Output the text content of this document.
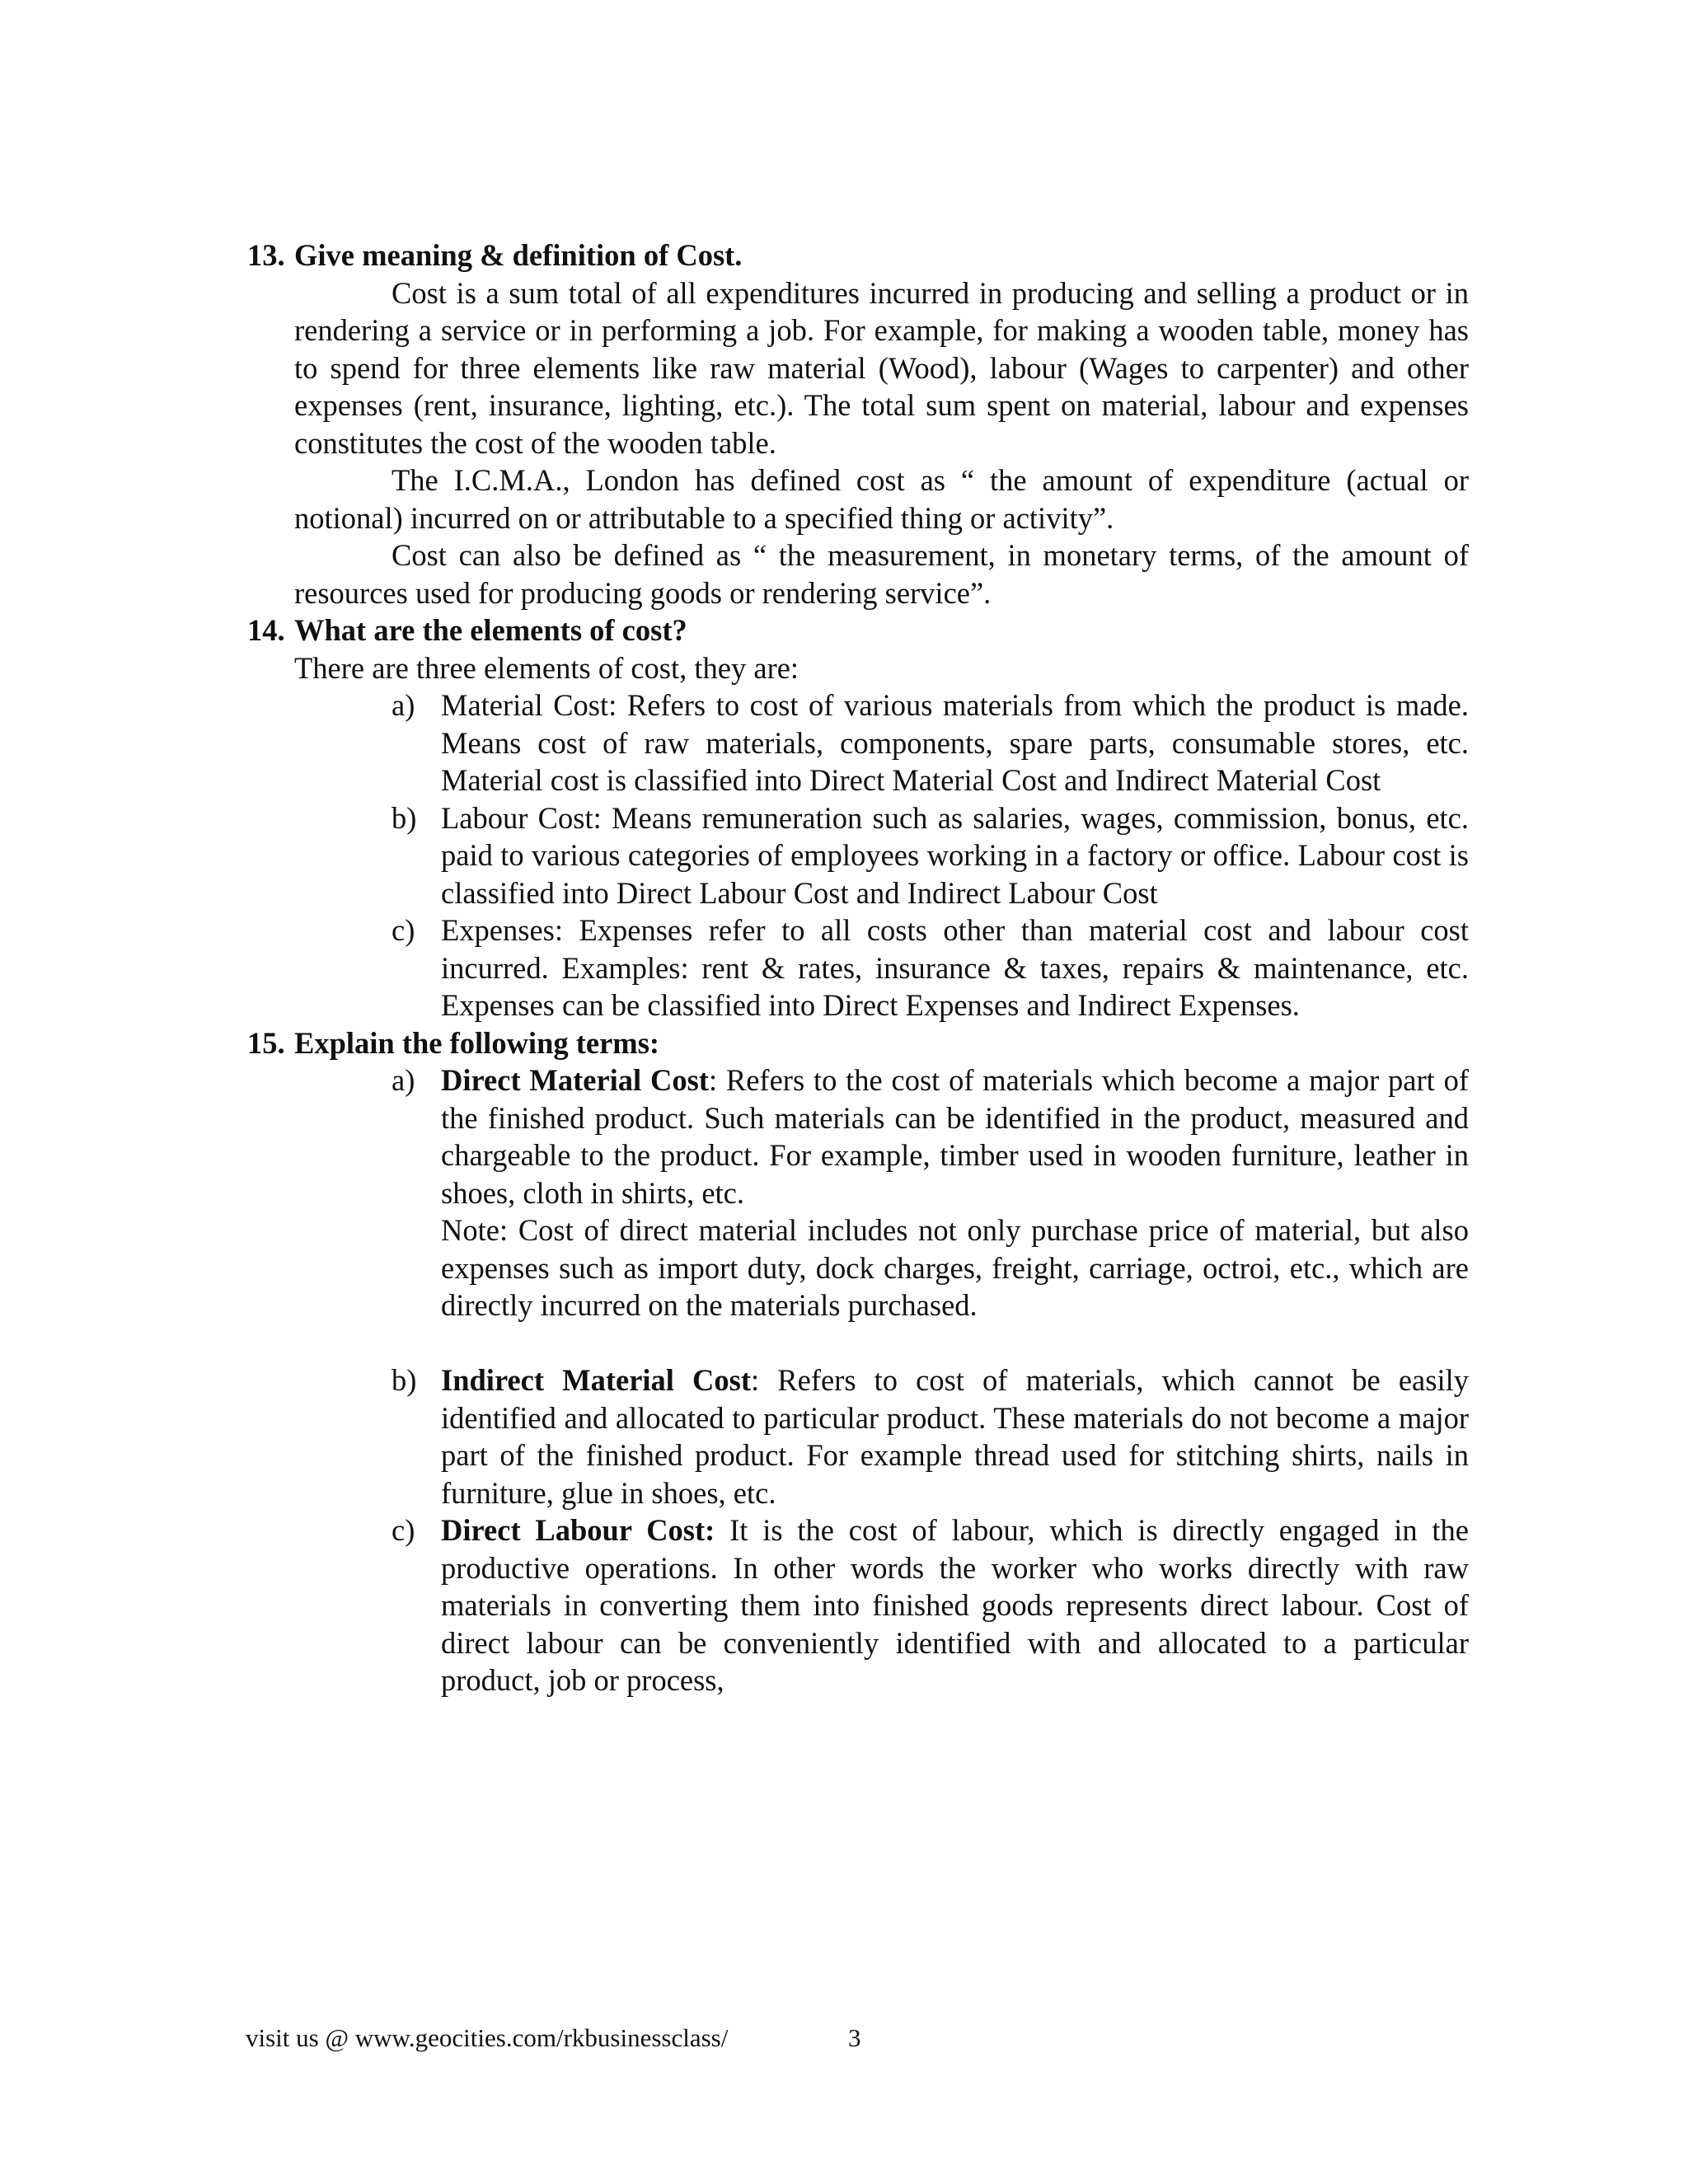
13. Give meaning & definition of Cost.

Cost is a sum total of all expenditures incurred in producing and selling a product or in rendering a service or in performing a job. For example, for making a wooden table, money has to spend for three elements like raw material (Wood), labour (Wages to carpenter) and other expenses (rent, insurance, lighting, etc.). The total sum spent on material, labour and expenses constitutes the cost of the wooden table.

The I.C.M.A., London has defined cost as “ the amount of expenditure (actual or notional) incurred on or attributable to a specified thing or activity”.

Cost can also be defined as “ the measurement, in monetary terms, of the amount of resources used for producing goods or rendering service”.

14. What are the elements of cost?

There are three elements of cost, they are:

a) Material Cost: Refers to cost of various materials from which the product is made. Means cost of raw materials, components, spare parts, consumable stores, etc. Material cost is classified into Direct Material Cost and Indirect Material Cost
b) Labour Cost: Means remuneration such as salaries, wages, commission, bonus, etc. paid to various categories of employees working in a factory or office. Labour cost is classified into Direct Labour Cost and Indirect Labour Cost
c) Expenses: Expenses refer to all costs other than material cost and labour cost incurred. Examples: rent & rates, insurance & taxes, repairs & maintenance, etc. Expenses can be classified into Direct Expenses and Indirect Expenses.
15. Explain the following terms:
a) Direct Material Cost: Refers to the cost of materials which become a major part of the finished product. Such materials can be identified in the product, measured and chargeable to the product. For example, timber used in wooden furniture, leather in shoes, cloth in shirts, etc.
Note: Cost of direct material includes not only purchase price of material, but also expenses such as import duty, dock charges, freight, carriage, octroi, etc., which are directly incurred on the materials purchased.
b) Indirect Material Cost: Refers to cost of materials, which cannot be easily identified and allocated to particular product. These materials do not become a major part of the finished product. For example thread used for stitching shirts, nails in furniture, glue in shoes, etc.
c) Direct Labour Cost: It is the cost of labour, which is directly engaged in the productive operations. In other words the worker who works directly with raw materials in converting them into finished goods represents direct labour. Cost of direct labour can be conveniently identified with and allocated to a particular product, job or process,
visit us @ www.geocities.com/rkbusinessclass/	3
